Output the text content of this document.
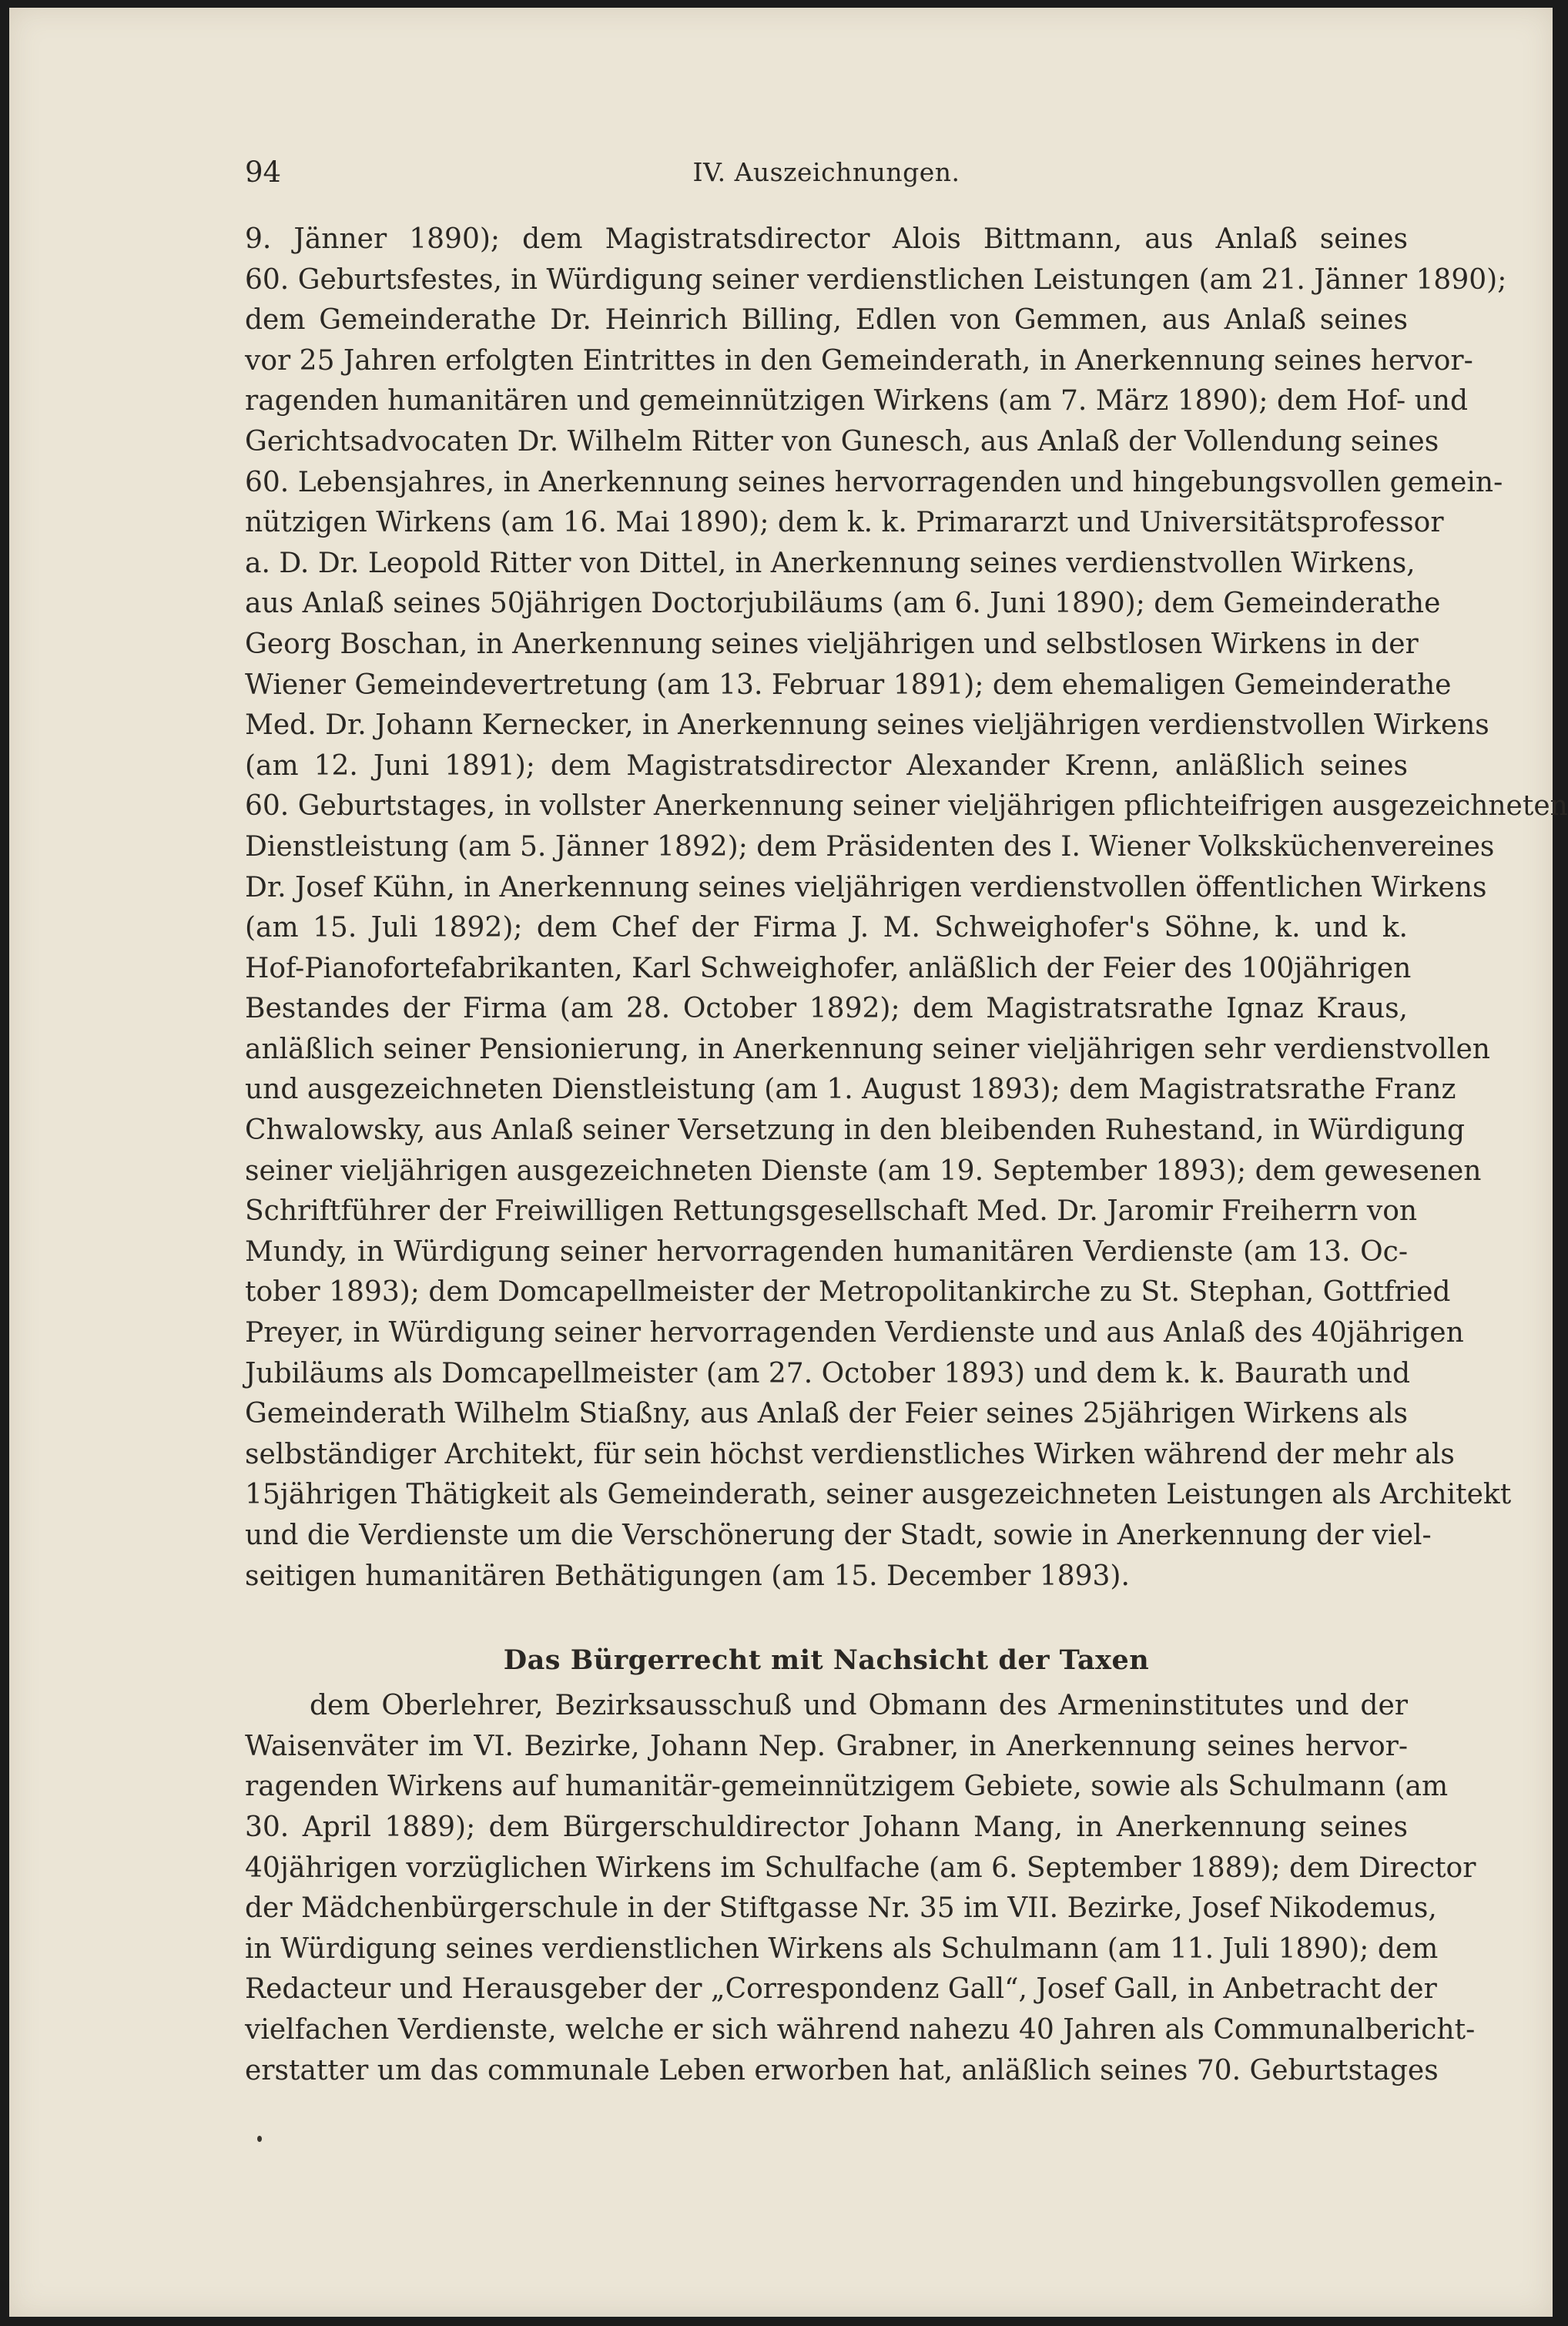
94	IV. Auszeichnungen.
9. Jänner 1890); dem Magistratsdirector Alois Bittmann, aus Anlaß seines
60. Geburtsfestes, in Würdigung seiner verdienstlichen Leistungen (am 21. Jänner 1890);
dem Gemeinderathe Dr. Heinrich Billing, Edlen von Gemmen, aus Anlaß seines
vor 25 Jahren erfolgten Eintrittes in den Gemeinderath, in Anerkennung seines hervor-
ragenden humanitären und gemeinnützigen Wirkens (am 7. März 1890); dem Hof- und
Gerichtsadvocaten Dr. Wilhelm Ritter von Gunesch, aus Anlaß der Vollendung seines
60. Lebensjahres, in Anerkennung seines hervorragenden und hingebungsvollen gemein-
nützigen Wirkens (am 16. Mai 1890); dem k. k. Primararzt und Universitätsprofessor
a. D. Dr. Leopold Ritter von Dittel, in Anerkennung seines verdienstvollen Wirkens,
aus Anlaß seines 50jährigen Doctorjubiläums (am 6. Juni 1890); dem Gemeinderathe
Georg Boschan, in Anerkennung seines vieljährigen und selbstlosen Wirkens in der
Wiener Gemeindevertretung (am 13. Februar 1891); dem ehemaligen Gemeinderathe
Med. Dr. Johann Kernecker, in Anerkennung seines vieljährigen verdienstvollen Wirkens
(am 12. Juni 1891); dem Magistratsdirector Alexander Krenn, anläßlich seines
60. Geburtstages, in vollster Anerkennung seiner vieljährigen pflichteifrigen ausgezeichneten
Dienstleistung (am 5. Jänner 1892); dem Präsidenten des I. Wiener Volksküchenvereines
Dr. Josef Kühn, in Anerkennung seines vieljährigen verdienstvollen öffentlichen Wirkens
(am 15. Juli 1892); dem Chef der Firma J. M. Schweighofer's Söhne, k. und k.
Hof-Pianofortefabrikanten, Karl Schweighofer, anläßlich der Feier des 100jährigen
Bestandes der Firma (am 28. October 1892); dem Magistratsrathe Ignaz Kraus,
anläßlich seiner Pensionierung, in Anerkennung seiner vieljährigen sehr verdienstvollen
und ausgezeichneten Dienstleistung (am 1. August 1893); dem Magistratsrathe Franz
Chwalowsky, aus Anlaß seiner Versetzung in den bleibenden Ruhestand, in Würdigung
seiner vieljährigen ausgezeichneten Dienste (am 19. September 1893); dem gewesenen
Schriftführer der Freiwilligen Rettungsgesellschaft Med. Dr. Jaromir Freiherrn von
Mundy, in Würdigung seiner hervorragenden humanitären Verdienste (am 13. Oc-
tober 1893); dem Domcapellmeister der Metropolitankirche zu St. Stephan, Gottfried
Preyer, in Würdigung seiner hervorragenden Verdienste und aus Anlaß des 40jährigen
Jubiläums als Domcapellmeister (am 27. October 1893) und dem k. k. Baurath und
Gemeinderath Wilhelm Stiaßny, aus Anlaß der Feier seines 25jährigen Wirkens als
selbständiger Architekt, für sein höchst verdienstliches Wirken während der mehr als
15jährigen Thätigkeit als Gemeinderath, seiner ausgezeichneten Leistungen als Architekt
und die Verdienste um die Verschönerung der Stadt, sowie in Anerkennung der viel-
seitigen humanitären Bethätigungen (am 15. December 1893).
Das Bürgerrecht mit Nachsicht der Taxen
dem Oberlehrer, Bezirksausschuß und Obmann des Armeninstitutes und der
Waisenväter im VI. Bezirke, Johann Nep. Grabner, in Anerkennung seines hervor-
ragenden Wirkens auf humanitär-gemeinnützigem Gebiete, sowie als Schulmann (am
30. April 1889); dem Bürgerschuldirector Johann Mang, in Anerkennung seines
40jährigen vorzüglichen Wirkens im Schulfache (am 6. September 1889); dem Director
der Mädchenbürgerschule in der Stiftgasse Nr. 35 im VII. Bezirke, Josef Nikodemus,
in Würdigung seines verdienstlichen Wirkens als Schulmann (am 11. Juli 1890); dem
Redacteur und Herausgeber der „Correspondenz Gall“, Josef Gall, in Anbetracht der
vielfachen Verdienste, welche er sich während nahezu 40 Jahren als Communalbericht-
erstatter um das communale Leben erworben hat, anläßlich seines 70. Geburtstages
